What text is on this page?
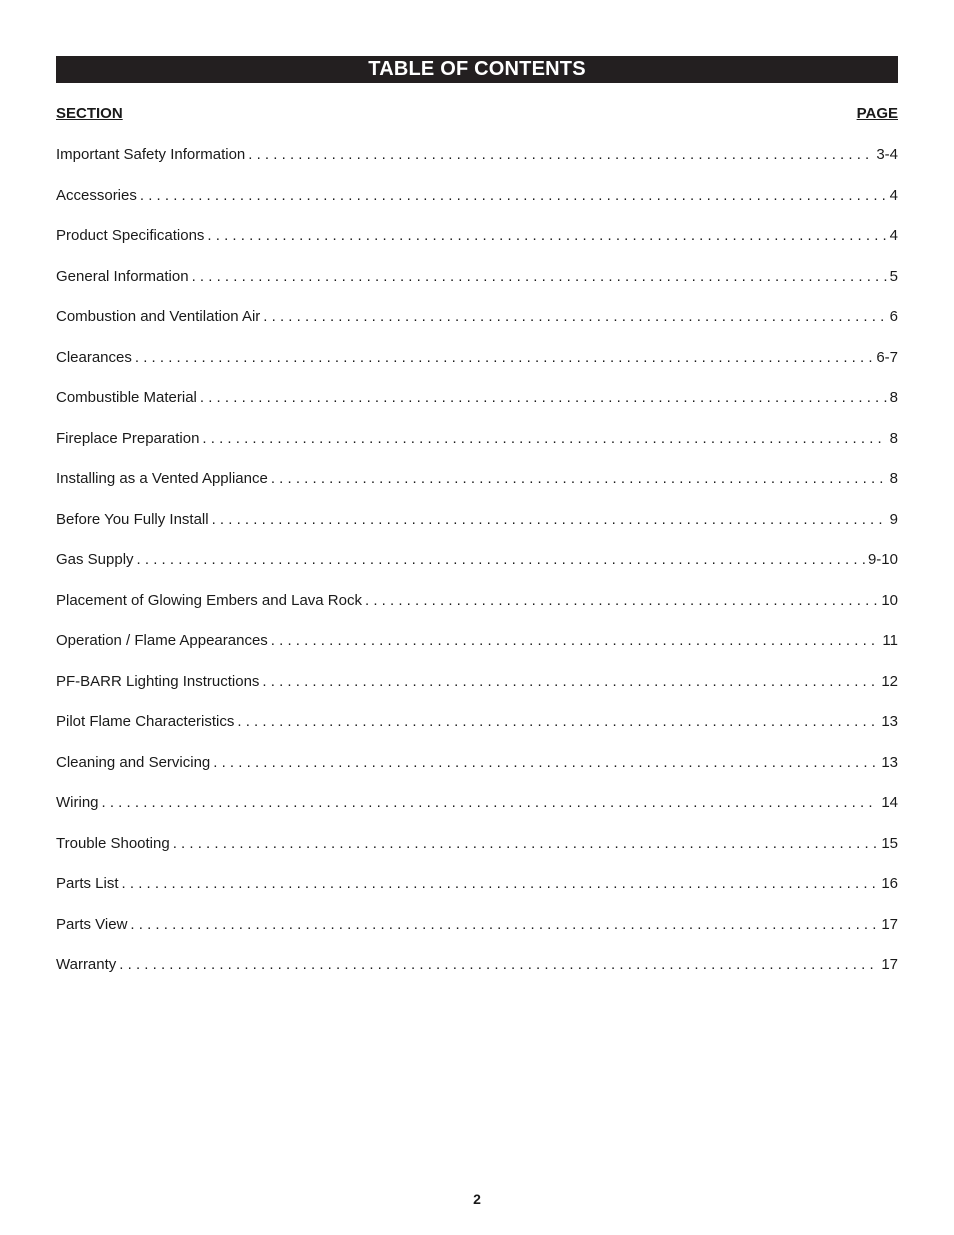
TABLE OF CONTENTS
SECTION	PAGE
Important Safety Information . . .	3-4
Accessories . . .	4
Product Specifications . . .	4
General Information . . .	5
Combustion and Ventilation Air . . .	6
Clearances . . .	6-7
Combustible Material . . .	8
Fireplace Preparation . . .	8
Installing as a Vented Appliance . . .	8
Before You Fully Install . . .	9
Gas Supply . . .	9-10
Placement of Glowing Embers and Lava Rock . . .	10
Operation / Flame Appearances . . .	11
PF-BARR Lighting Instructions . . .	12
Pilot Flame Characteristics . . .	13
Cleaning and Servicing . . .	13
Wiring . . .	14
Trouble Shooting . . .	15
Parts List . . .	16
Parts View . . .	17
Warranty . . .	17
2
